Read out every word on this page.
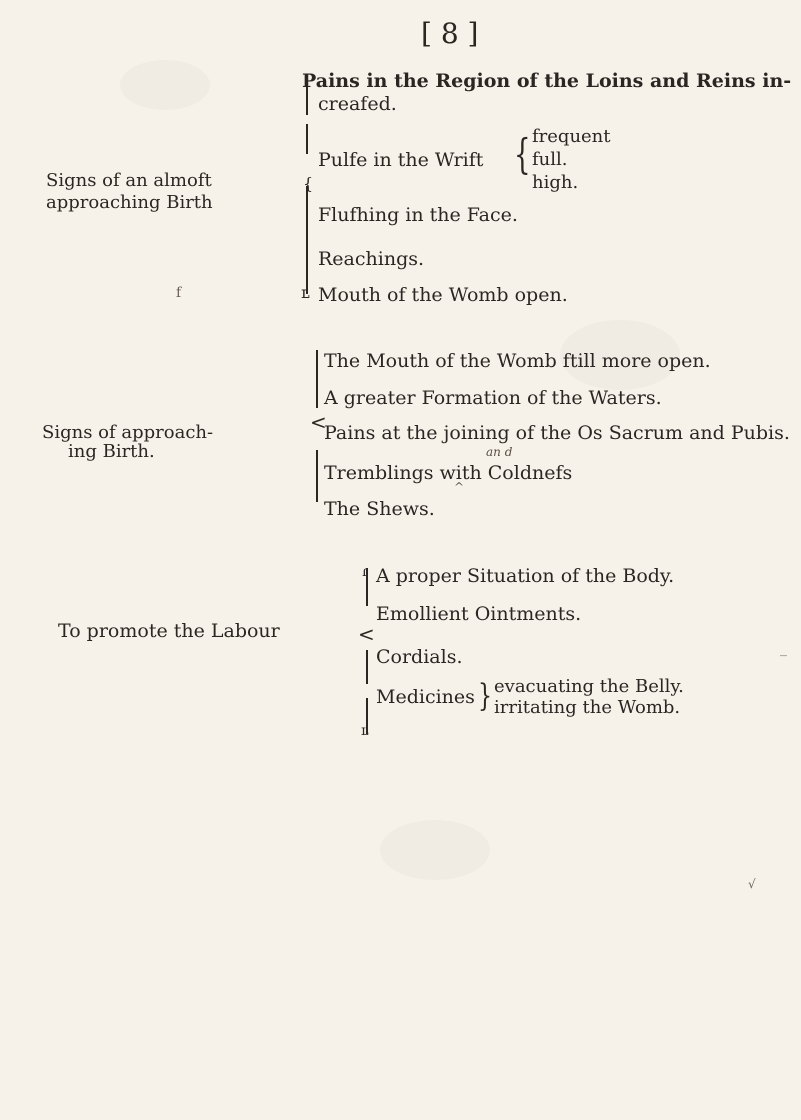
[ 8 ]
Pains in the Region of the Loins and Reins in-
creafed.
{
ʟ
Signs of an almoft
approaching Birth
Pulfe in the Wrift { frequent
full.
high.
Flufhing in the Face.
Reachings.
Mouth of the Womb open.
<
The Mouth of the Womb ftill more open.
A greater Formation of the Waters.
Pains at the joining of the Os Sacrum and Pubis.
an d
Tremblings with Coldnefs
^
The Shews.
Signs of approach-
ing Birth.
ɾ
<
ʟ
A proper Situation of the Body.
Emollient Ointments.
Cordials.
To promote the Labour
Medicines } evacuating the Belly.
irritating the Womb.
f
_
√
